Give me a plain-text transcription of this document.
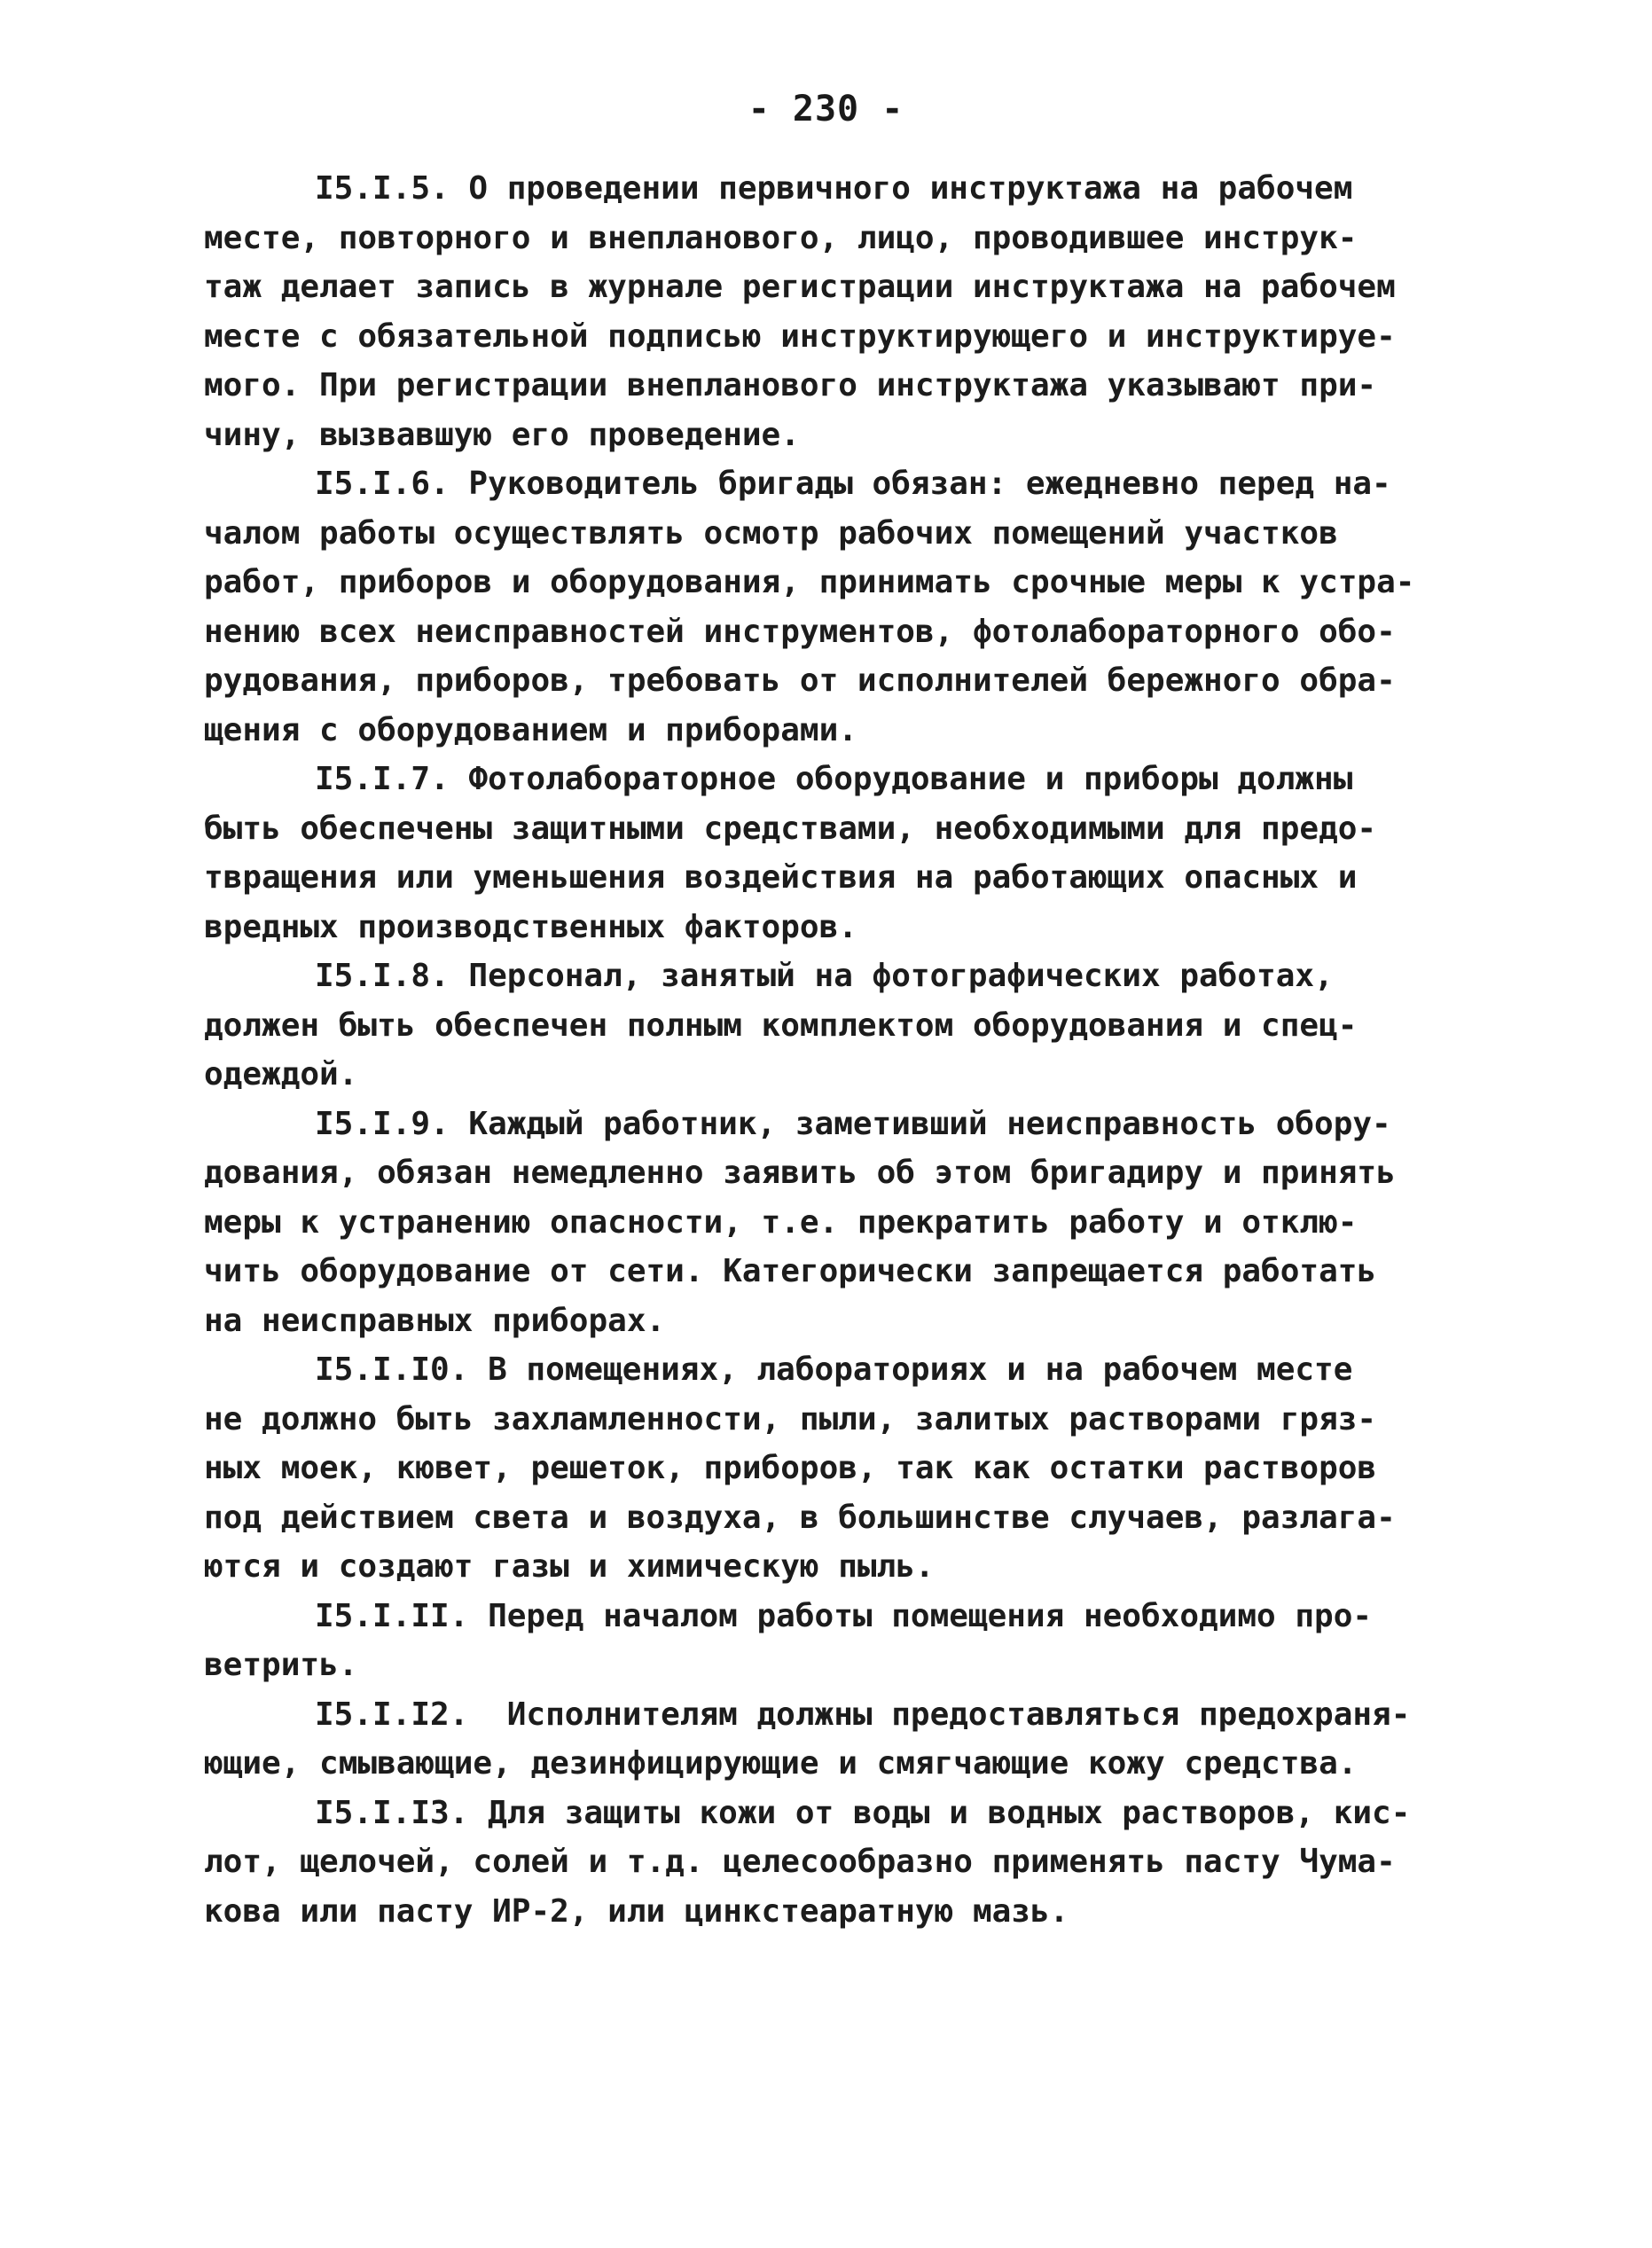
- 230 -
I5.I.5. О проведении первичного инструктажа на рабочем
месте, повторного и внепланового, лицо, проводившее инструк-
таж делает запись в журнале регистрации инструктажа на рабочем
месте с обязательной подписью инструктирующего и инструктируе-
мого. При регистрации внепланового инструктажа указывают при-
чину, вызвавшую его проведение.
I5.I.6. Руководитель бригады обязан: ежедневно перед на-
чалом работы осуществлять осмотр рабочих помещений участков
работ, приборов и оборудования, принимать срочные меры к устра-
нению всех неисправностей инструментов, фотолабораторного обо-
рудования, приборов, требовать от исполнителей бережного обра-
щения с оборудованием и приборами.
I5.I.7. Фотолабораторное оборудование и приборы должны
быть обеспечены защитными средствами, необходимыми для предо-
твращения или уменьшения воздействия на работающих опасных и
вредных производственных факторов.
I5.I.8. Персонал, занятый на фотографических работах,
должен быть обеспечен полным комплектом оборудования и спец-
одеждой.
I5.I.9. Каждый работник, заметивший неисправность обору-
дования, обязан немедленно заявить об этом бригадиру и принять
меры к устранению опасности, т.е. прекратить работу и отклю-
чить оборудование от сети. Категорически запрещается работать
на неисправных приборах.
I5.I.I0. В помещениях, лабораториях и на рабочем месте
не должно быть захламленности, пыли, залитых растворами гряз-
ных моек, кювет, решеток, приборов, так как остатки растворов
под действием света и воздуха, в большинстве случаев, разлага-
ются и создают газы и химическую пыль.
I5.I.II. Перед началом работы помещения необходимо про-
ветрить.
I5.I.I2.  Исполнителям должны предоставляться предохраня-
ющие, смывающие, дезинфицирующие и смягчающие кожу средства.
I5.I.I3. Для защиты кожи от воды и водных растворов, кис-
лот, щелочей, солей и т.д. целесообразно применять пасту Чума-
кова или пасту ИР-2, или цинкстеаратную мазь.
